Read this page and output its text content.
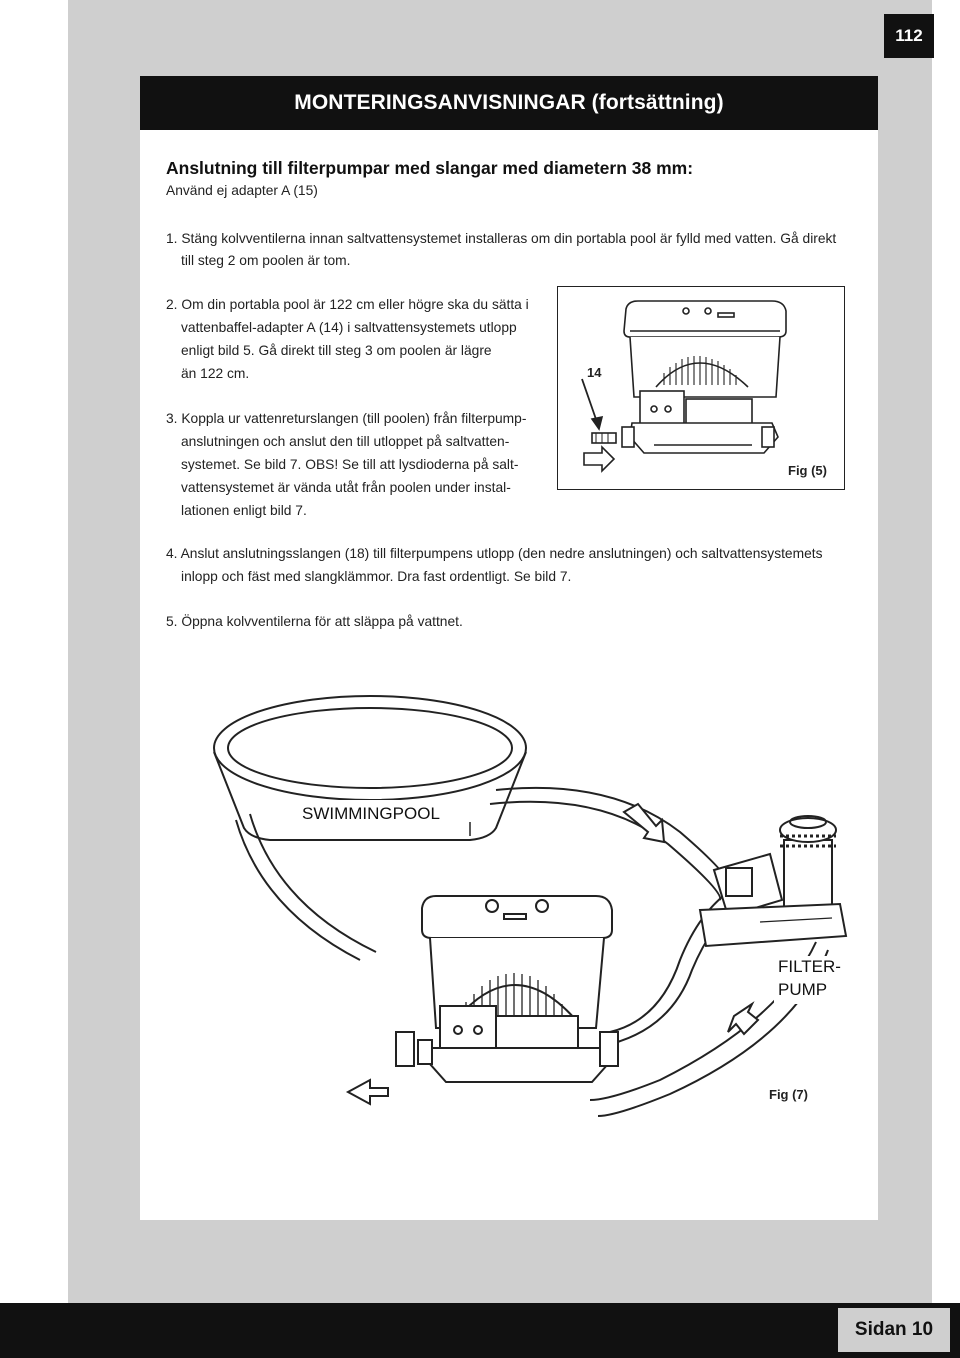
112
MONTERINGSANVISNINGAR (fortsättning)
Anslutning till filterpumpar med slangar med diametern 38 mm:
Använd ej adapter A (15)
1. Stäng kolvventilerna innan saltvattensystemet installeras om din portabla pool är fylld med vatten. Gå direkt
till steg 2 om poolen är tom.
2. Om din portabla pool är 122 cm eller högre ska du sätta i
vattenbaffel-adapter A (14) i saltvattensystemets utlopp
enligt bild 5. Gå direkt till steg 3 om poolen är lägre
än 122 cm.
3. Koppla ur vattenreturslangen (till poolen) från filterpump-
anslutningen och anslut den till utloppet på saltvatten-
systemet. Se bild 7. OBS! Se till att lysdioderna på salt-
vattensystemet är vända utåt från poolen under instal-
lationen enligt bild 7.
4. Anslut anslutningsslangen (18) till filterpumpens utlopp (den nedre anslutningen) och saltvattensystemets
inlopp och fäst med slangklämmor. Dra fast ordentligt. Se bild 7.
5. Öppna kolvventilerna för att släppa på vattnet.
14
Fig (5)
SWIMMINGPOOL
FILTER-
PUMP
Fig (7)
Sidan 10
